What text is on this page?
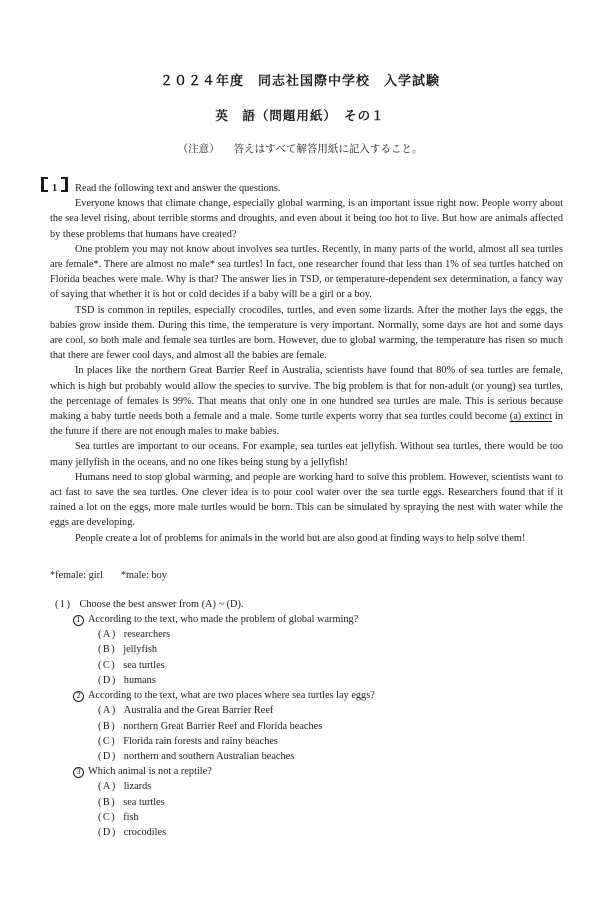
２０２４年度　同志社国際中学校　入学試験
英　語（問題用紙）　その１
（注意） 答えはすべて解答用紙に記入すること。
1 Read the following text and answer the questions.

Everyone knows that climate change, especially global warming, is an important issue right now. People worry about the sea level rising, about terrible storms and droughts, and even about it being too hot to live. But how are animals affected by these problems that humans have created?

One problem you may not know about involves sea turtles. Recently, in many parts of the world, almost all sea turtles are female*. There are almost no male* sea turtles! In fact, one researcher found that less than 1% of sea turtles hatched on Florida beaches were male. Why is that? The answer lies in TSD, or temperature-dependent sex determination, a fancy way of saying that whether it is hot or cold decides if a baby will be a girl or a boy.

TSD is common in reptiles, especially crocodiles, turtles, and even some lizards. After the mother lays the eggs, the babies grow inside them. During this time, the temperature is very important. Normally, some days are hot and some days are cool, so both male and female sea turtles are born. However, due to global warming, the temperature has risen so much that there are fewer cool days, and almost all the babies are female.

In places like the northern Great Barrier Reef in Australia, scientists have found that 80% of sea turtles are female, which is high but probably would allow the species to survive. The big problem is that for non-adult (or young) sea turtles, the percentage of females is 99%. That means that only one in one hundred sea turtles are male. This is serious because making a baby turtle needs both a female and a male. Some turtle experts worry that sea turtles could become (a) extinct in the future if there are not enough males to make babies.

Sea turtles are important to our oceans. For example, sea turtles eat jellyfish. Without sea turtles, there would be too many jellyfish in the oceans, and no one likes being stung by a jellyfish!

Humans need to stop global warming, and people are working hard to solve this problem. However, scientists want to act fast to save the sea turtles. One clever idea is to pour cool water over the sea turtle eggs. Researchers found that if it rained a lot on the eggs, more male turtles would be born. This can be simulated by spraying the nest with water while the eggs are developing.

People create a lot of problems for animals in the world but are also good at finding ways to help solve them!

*female: girl *male: boy
(1) Choose the best answer from (A) ~ (D).
1 According to the text, who made the problem of global warming?
(A) researchers
(B) jellyfish
(C) sea turtles
(D) humans
2 According to the text, what are two places where sea turtles lay eggs?
(A) Australia and the Great Barrier Reef
(B) northern Great Barrier Reef and Florida beaches
(C) Florida rain forests and rainy beaches
(D) northern and southern Australian beaches
3 Which animal is not a reptile?
(A) lizards
(B) sea turtles
(C) fish
(D) crocodiles
